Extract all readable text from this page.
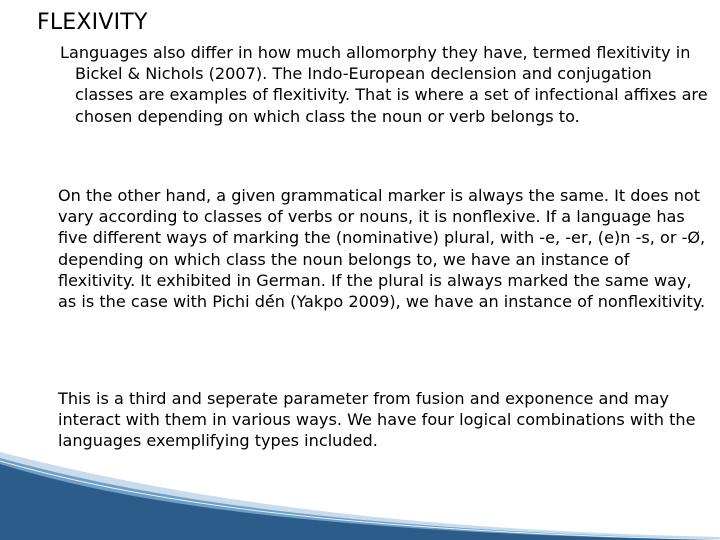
FLEXIVITY

Languages also differ in how much allomorphy they have, termed flexitivity in Bickel & Nichols (2007). The Indo-European declension and conjugation classes are examples of flexitivity. That is where a set of infectional affixes are chosen depending on which class the noun or verb belongs to.

On the other hand, a given grammatical marker is always the same. It does not vary according to classes of verbs or nouns, it is nonflexive. If a language has five different ways of marking the (nominative) plural, with -e, -er, (e)n -s, or -Ø, depending on which class the noun belongs to, we have an instance of flexitivity. It exhibited in German. If the plural is always marked the same way, as is the case with Pichi dė́n (Yakpo 2009), we have an instance of nonflexitivity.

This is a third and seperate parameter from fusion and exponence and may interact with them in various ways. We have four logical combinations with the languages exemplifying types included.
